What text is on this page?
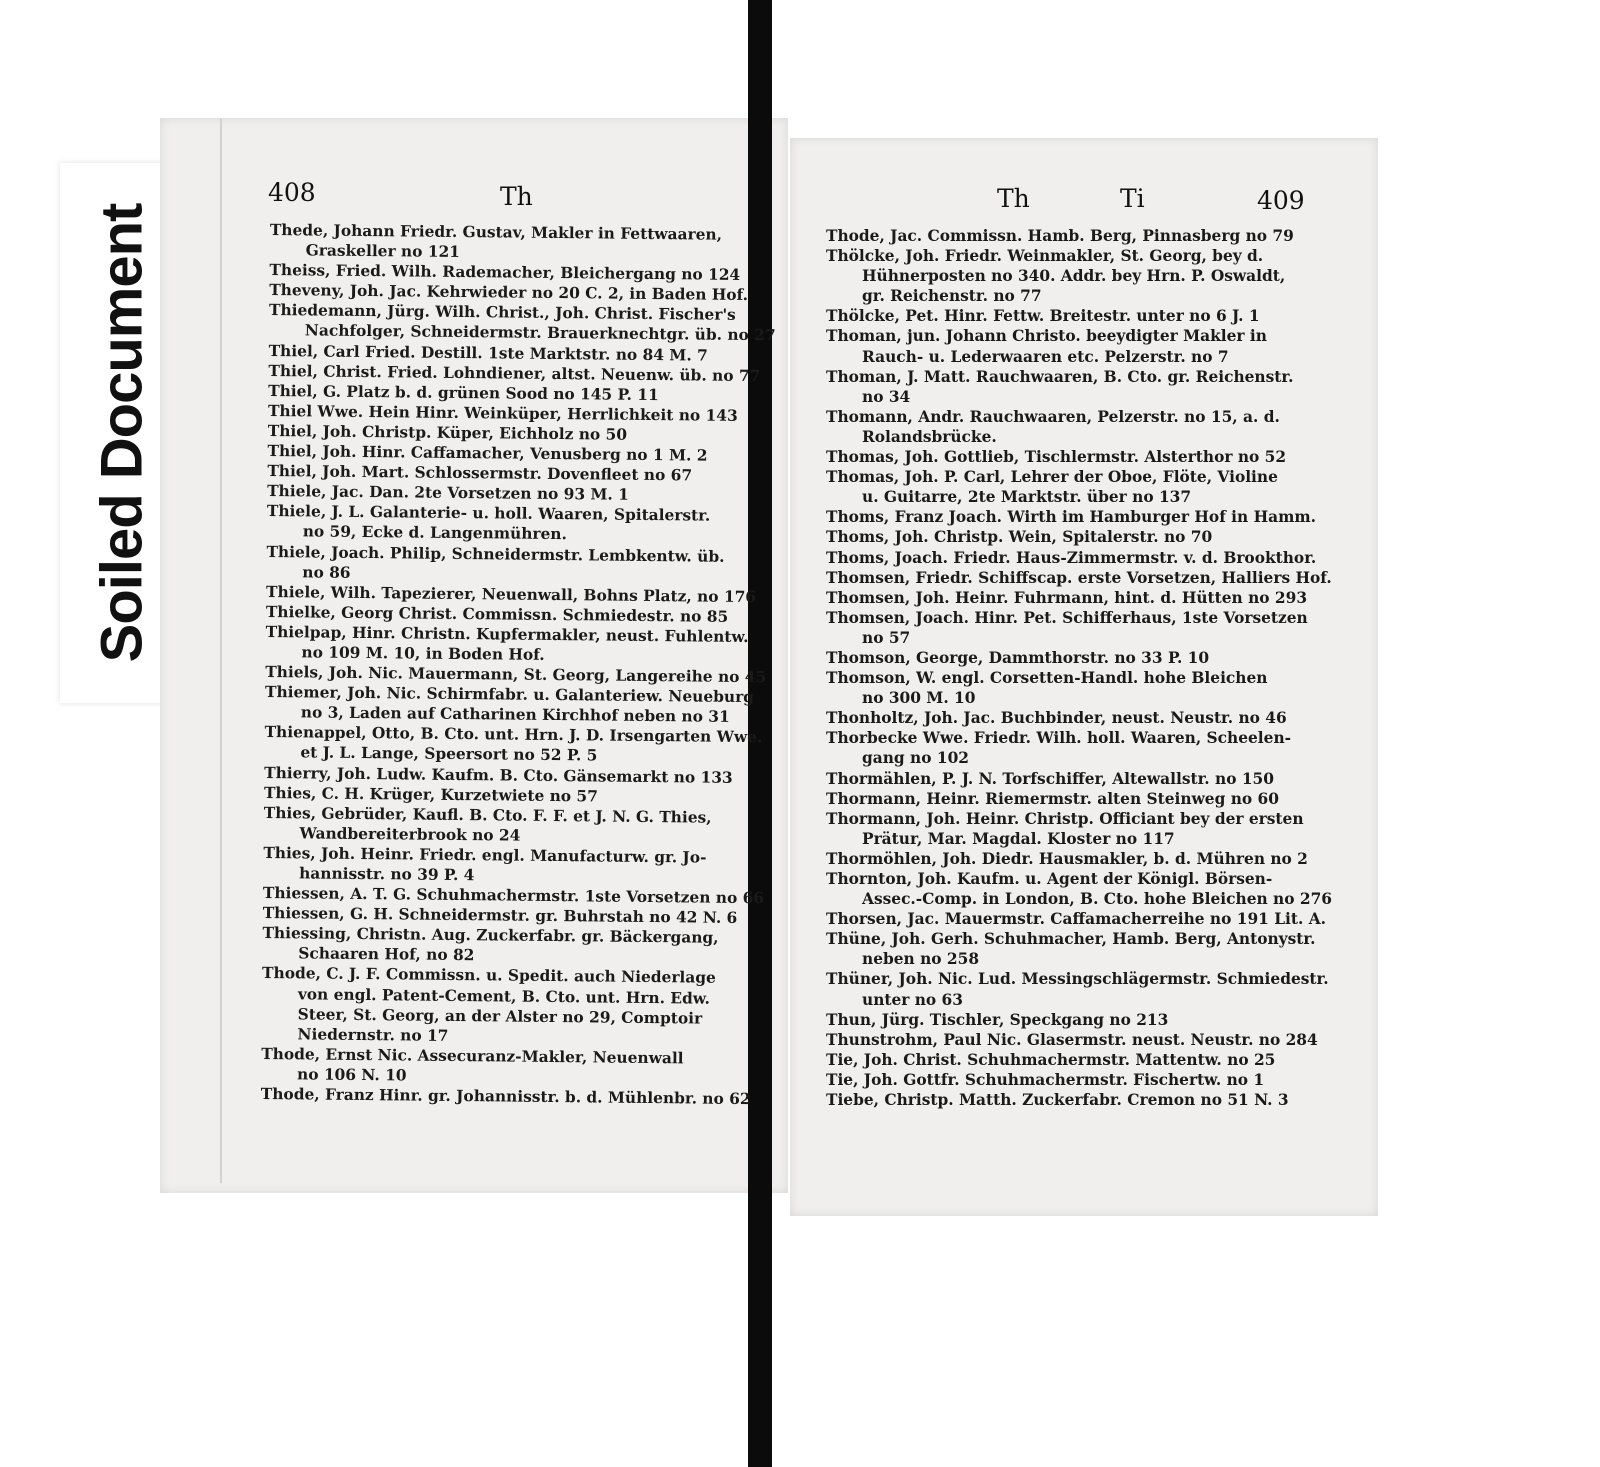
Soiled Document
408	Th	Th	Ti	409
Thede, Johann Friedr. Gustav, Makler in Fettwaaren,
Graskeller no 121
Theiss, Fried. Wilh. Rademacher, Bleichergang no 124
Theveny, Joh. Jac. Kehrwieder no 20 C. 2, in Baden Hof.
Thiedemann, Jürg. Wilh. Christ., Joh. Christ. Fischer's
Nachfolger, Schneidermstr. Brauerknechtgr. üb. no 27
Thiel, Carl Fried. Destill. 1ste Marktstr. no 84 M. 7
Thiel, Christ. Fried. Lohndiener, altst. Neuenw. üb. no 77
Thiel, G. Platz b. d. grünen Sood no 145 P. 11
Thiel Wwe. Hein Hinr. Weinküper, Herrlichkeit no 143
Thiel, Joh. Christp. Küper, Eichholz no 50
Thiel, Joh. Hinr. Caffamacher, Venusberg no 1 M. 2
Thiel, Joh. Mart. Schlossermstr. Dovenfleet no 67
Thiele, Jac. Dan. 2te Vorsetzen no 93 M. 1
Thiele, J. L. Galanterie- u. holl. Waaren, Spitalerstr.
no 59, Ecke d. Langenmühren.
Thiele, Joach. Philip, Schneidermstr. Lembkentw. üb.
no 86
Thiele, Wilh. Tapezierer, Neuenwall, Bohns Platz, no 176
Thielke, Georg Christ. Commissn. Schmiedestr. no 85
Thielpap, Hinr. Christn. Kupfermakler, neust. Fuhlentw.
no 109 M. 10, in Boden Hof.
Thiels, Joh. Nic. Mauermann, St. Georg, Langereihe no 45
Thiemer, Joh. Nic. Schirmfabr. u. Galanteriew. Neueburg
no 3, Laden auf Catharinen Kirchhof neben no 31
Thienappel, Otto, B. Cto. unt. Hrn. J. D. Irsengarten Wwe.
et J. L. Lange, Speersort no 52 P. 5
Thierry, Joh. Ludw. Kaufm. B. Cto. Gänsemarkt no 133
Thies, C. H. Krüger, Kurzetwiete no 57
Thies, Gebrüder, Kaufl. B. Cto. F. F. et J. N. G. Thies,
Wandbereiterbrook no 24
Thies, Joh. Heinr. Friedr. engl. Manufacturw. gr. Jo-
hannisstr. no 39 P. 4
Thiessen, A. T. G. Schuhmachermstr. 1ste Vorsetzen no 66
Thiessen, G. H. Schneidermstr. gr. Buhrstah no 42 N. 6
Thiessing, Christn. Aug. Zuckerfabr. gr. Bäckergang,
Schaaren Hof, no 82
Thode, C. J. F. Commissn. u. Spedit. auch Niederlage
von engl. Patent-Cement, B. Cto. unt. Hrn. Edw.
Steer, St. Georg, an der Alster no 29, Comptoir
Niedernstr. no 17
Thode, Ernst Nic. Assecuranz-Makler, Neuenwall
no 106 N. 10
Thode, Franz Hinr. gr. Johannisstr. b. d. Mühlenbr. no 62
Thode, Jac. Commissn. Hamb. Berg, Pinnasberg no 79
Thölcke, Joh. Friedr. Weinmakler, St. Georg, bey d.
Hühnerposten no 340. Addr. bey Hrn. P. Oswaldt,
gr. Reichenstr. no 77
Thölcke, Pet. Hinr. Fettw. Breitestr. unter no 6 J. 1
Thoman, jun. Johann Christo. beeydigter Makler in
Rauch- u. Lederwaaren etc. Pelzerstr. no 7
Thoman, J. Matt. Rauchwaaren, B. Cto. gr. Reichenstr.
no 34
Thomann, Andr. Rauchwaaren, Pelzerstr. no 15, a. d.
Rolandsbrücke.
Thomas, Joh. Gottlieb, Tischlermstr. Alsterthor no 52
Thomas, Joh. P. Carl, Lehrer der Oboe, Flöte, Violine
u. Guitarre, 2te Marktstr. über no 137
Thoms, Franz Joach. Wirth im Hamburger Hof in Hamm.
Thoms, Joh. Christp. Wein, Spitalerstr. no 70
Thoms, Joach. Friedr. Haus-Zimmermstr. v. d. Brookthor.
Thomsen, Friedr. Schiffscap. erste Vorsetzen, Halliers Hof.
Thomsen, Joh. Heinr. Fuhrmann, hint. d. Hütten no 293
Thomsen, Joach. Hinr. Pet. Schifferhaus, 1ste Vorsetzen
no 57
Thomson, George, Dammthorstr. no 33 P. 10
Thomson, W. engl. Corsetten-Handl. hohe Bleichen
no 300 M. 10
Thonholtz, Joh. Jac. Buchbinder, neust. Neustr. no 46
Thorbecke Wwe. Friedr. Wilh. holl. Waaren, Scheelen-
gang no 102
Thormählen, P. J. N. Torfschiffer, Altewallstr. no 150
Thormann, Heinr. Riemermstr. alten Steinweg no 60
Thormann, Joh. Heinr. Christp. Officiant bey der ersten
Prätur, Mar. Magdal. Kloster no 117
Thormöhlen, Joh. Diedr. Hausmakler, b. d. Mühren no 2
Thornton, Joh. Kaufm. u. Agent der Königl. Börsen-
Assec.-Comp. in London, B. Cto. hohe Bleichen no 276
Thorsen, Jac. Mauermstr. Caffamacherreihe no 191 Lit. A.
Thüne, Joh. Gerh. Schuhmacher, Hamb. Berg, Antonystr.
neben no 258
Thüner, Joh. Nic. Lud. Messingschlägermstr. Schmiedestr.
unter no 63
Thun, Jürg. Tischler, Speckgang no 213
Thunstrohm, Paul Nic. Glasermstr. neust. Neustr. no 284
Tie, Joh. Christ. Schuhmachermstr. Mattentw. no 25
Tie, Joh. Gottfr. Schuhmachermstr. Fischertw. no 1
Tiebe, Christp. Matth. Zuckerfabr. Cremon no 51 N. 3
